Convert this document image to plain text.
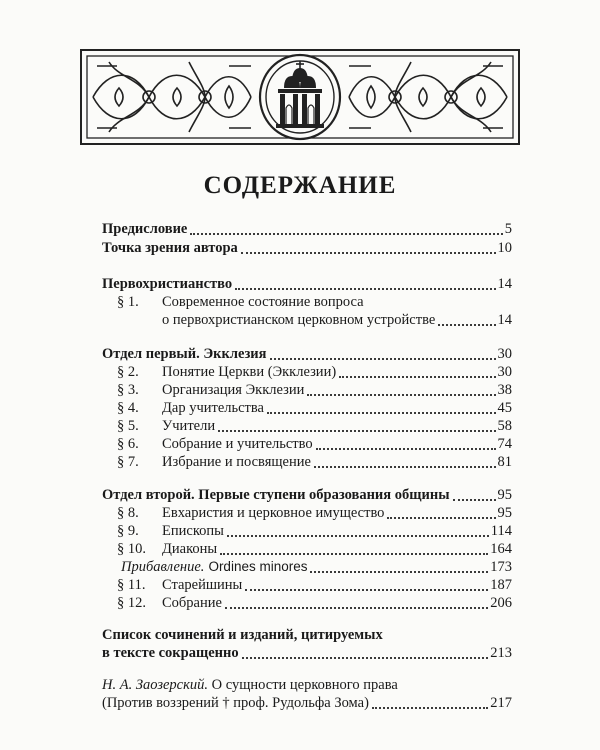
СОДЕРЖАНИЕ
Предисловие	5
Точка зрения автора	10
Первохристианство	14
§ 1. Современное состояние вопроса
о первохристианском церковном устройстве	14
Отдел первый. Экклезия	30
§ 2.	Понятие Церкви (Экклезии)	30
§ 3.	Организация Экклезии	38
§ 4.	Дар учительства	45
§ 5.	Учители	58
§ 6.	Собрание и учительство	74
§ 7.	Избрание и посвящение	81
Отдел второй. Первые ступени образования общины	95
§ 8.	Евхаристия и церковное имущество	95
§ 9.	Епископы	114
§ 10.	Диаконы	164
Прибавление. Ordines minores	173
§ 11.	Старейшины	187
§ 12.	Собрание	206
Список сочинений и изданий, цитируемых
в тексте сокращенно	213
Н. А. Заозерский. О сущности церковного права
(Против воззрений † проф. Рудольфа Зома)	217
